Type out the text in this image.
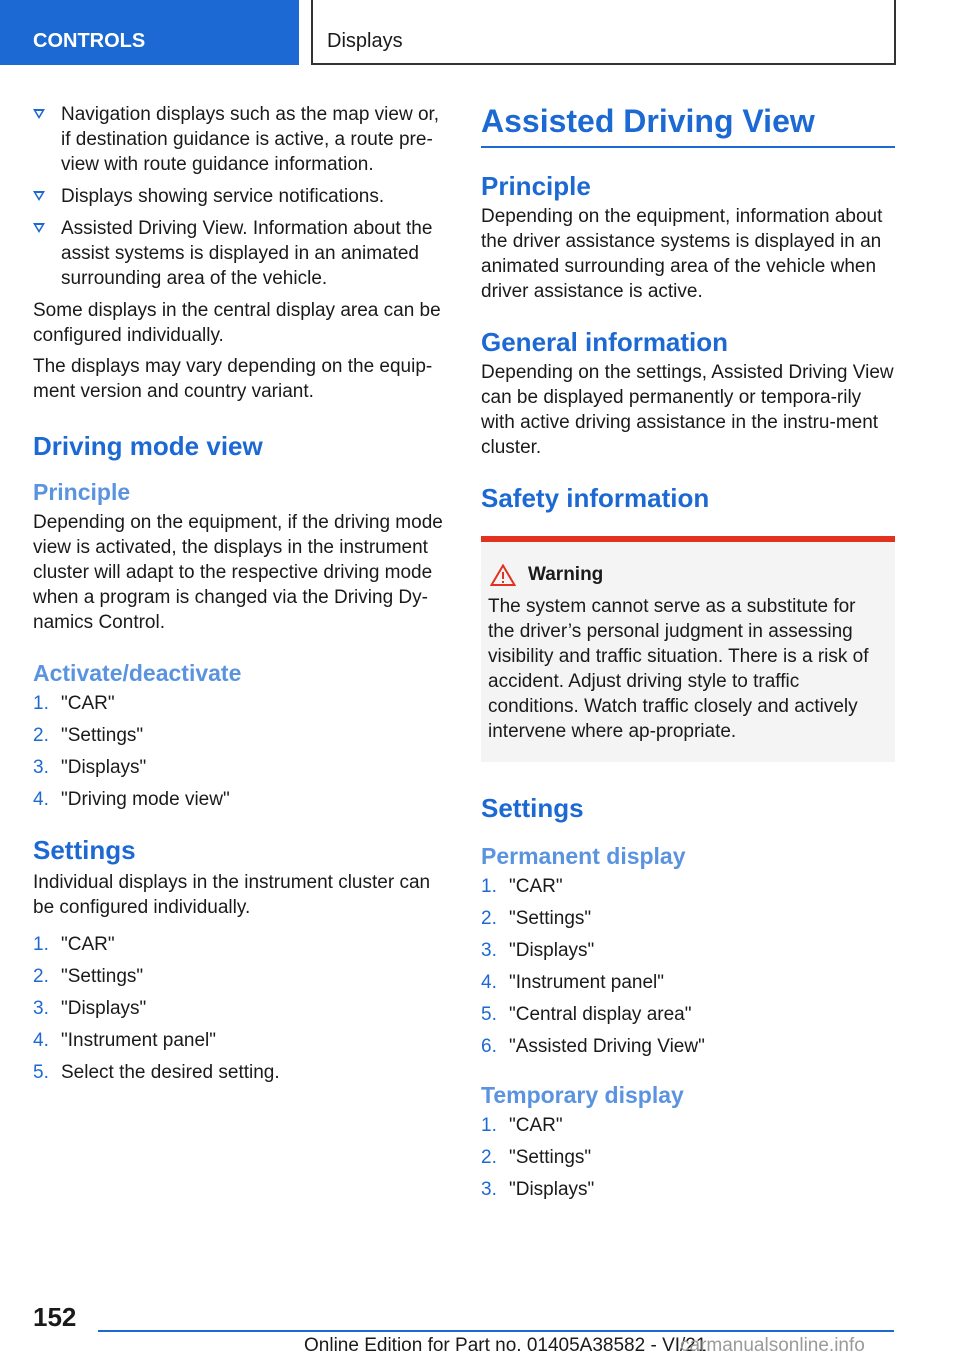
CONTROLS	Displays
Navigation displays such as the map view or, if destination guidance is active, a route pre-view with route guidance information.
Displays showing service notifications.
Assisted Driving View. Information about the assist systems is displayed in an animated surrounding area of the vehicle.

Some displays in the central display area can be configured individually.

The displays may vary depending on the equip-ment version and country variant.

Driving mode view
Principle

Depending on the equipment, if the driving mode view is activated, the displays in the instrument cluster will adapt to the respective driving mode when a program is changed via the Driving Dy-namics Control.

Activate/deactivate
1. "CAR"
2. "Settings"
3. "Displays"
4. "Driving mode view"
Settings

Individual displays in the instrument cluster can be configured individually.

1. "CAR"
2. "Settings"
3. "Displays"
4. "Instrument panel"
5. Select the desired setting.
Assisted Driving View
Principle

Depending on the equipment, information about the driver assistance systems is displayed in an animated surrounding area of the vehicle when driver assistance is active.

General information

Depending on the settings, Assisted Driving View can be displayed permanently or tempora-rily with active driving assistance in the instru-ment cluster.

Safety information
Warning

The system cannot serve as a substitute for the driver’s personal judgment in assessing visibility and traffic situation. There is a risk of accident. Adjust driving style to traffic conditions. Watch traffic closely and actively intervene where ap-propriate.

Settings
Permanent display
1. "CAR"
2. "Settings"
3. "Displays"
4. "Instrument panel"
5. "Central display area"
6. "Assisted Driving View"
Temporary display
1. "CAR"
2. "Settings"
3. "Displays"
152
Online Edition for Part no. 01405A38582 - VI/21
carmanualsonline.info
